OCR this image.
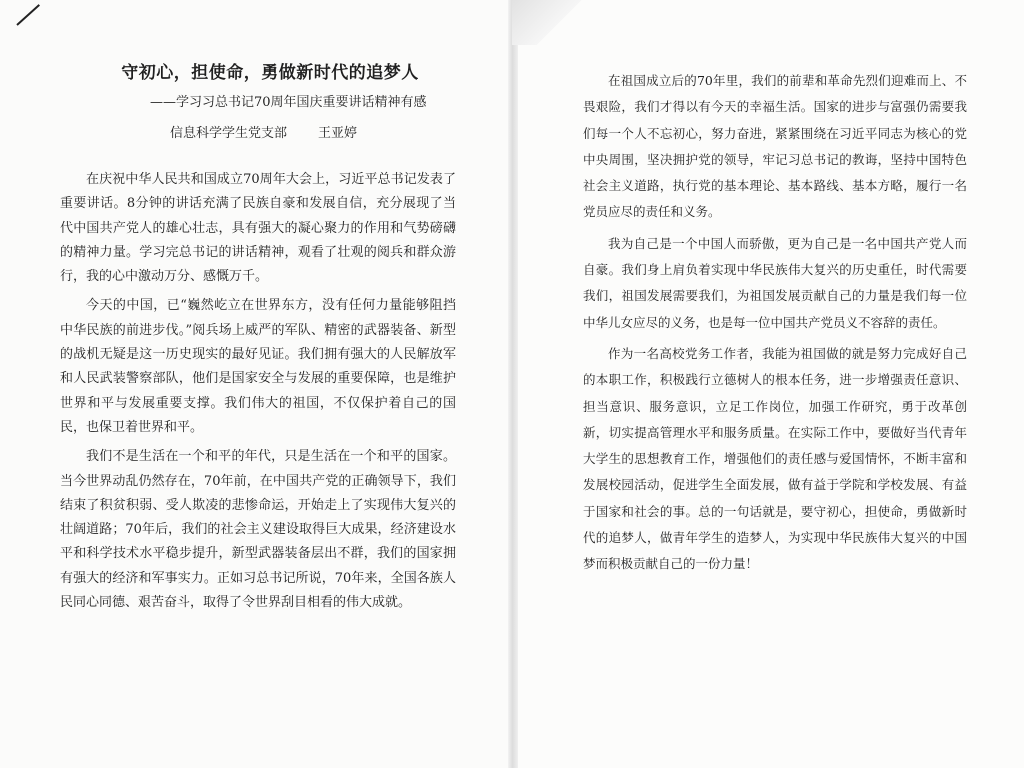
守初心，担使命，勇做新时代的追梦人
——学习习总书记70周年国庆重要讲话精神有感
信息科学学生党支部 王亚婷

在庆祝中华人民共和国成立70周年大会上，习近平总书记发表了重要讲话。8分钟的讲话充满了民族自豪和发展自信，充分展现了当代中国共产党人的雄心壮志，具有强大的凝心聚力的作用和气势磅礴的精神力量。学习完总书记的讲话精神，观看了壮观的阅兵和群众游行，我的心中激动万分、感慨万千。

今天的中国，已“巍然屹立在世界东方，没有任何力量能够阻挡中华民族的前进步伐。”阅兵场上威严的军队、精密的武器装备、新型的战机无疑是这一历史现实的最好见证。我们拥有强大的人民解放军和人民武装警察部队，他们是国家安全与发展的重要保障，也是维护世界和平与发展重要支撑。我们伟大的祖国，不仅保护着自己的国民，也保卫着世界和平。

我们不是生活在一个和平的年代，只是生活在一个和平的国家。当今世界动乱仍然存在，70年前，在中国共产党的正确领导下，我们结束了积贫积弱、受人欺凌的悲惨命运，开始走上了实现伟大复兴的壮阔道路；70年后，我们的社会主义建设取得巨大成果，经济建设水平和科学技术水平稳步提升，新型武器装备层出不群，我们的国家拥有强大的经济和军事实力。正如习总书记所说，70年来，全国各族人民同心同德、艰苦奋斗，取得了令世界刮目相看的伟大成就。

在祖国成立后的70年里，我们的前辈和革命先烈们迎难而上、不畏艰险，我们才得以有今天的幸福生活。国家的进步与富强仍需要我们每一个人不忘初心，努力奋进，紧紧围绕在习近平同志为核心的党中央周围，坚决拥护党的领导，牢记习总书记的教诲，坚持中国特色社会主义道路，执行党的基本理论、基本路线、基本方略，履行一名党员应尽的责任和义务。

我为自己是一个中国人而骄傲，更为自己是一名中国共产党人而自豪。我们身上肩负着实现中华民族伟大复兴的历史重任，时代需要我们，祖国发展需要我们，为祖国发展贡献自己的力量是我们每一位中华儿女应尽的义务，也是每一位中国共产党员义不容辞的责任。

作为一名高校党务工作者，我能为祖国做的就是努力完成好自己的本职工作，积极践行立德树人的根本任务，进一步增强责任意识、担当意识、服务意识，立足工作岗位，加强工作研究，勇于改革创新，切实提高管理水平和服务质量。在实际工作中，要做好当代青年大学生的思想教育工作，增强他们的责任感与爱国情怀，不断丰富和发展校园活动，促进学生全面发展，做有益于学院和学校发展、有益于国家和社会的事。总的一句话就是，要守初心，担使命，勇做新时代的追梦人，做青年学生的造梦人，为实现中华民族伟大复兴的中国梦而积极贡献自己的一份力量！
